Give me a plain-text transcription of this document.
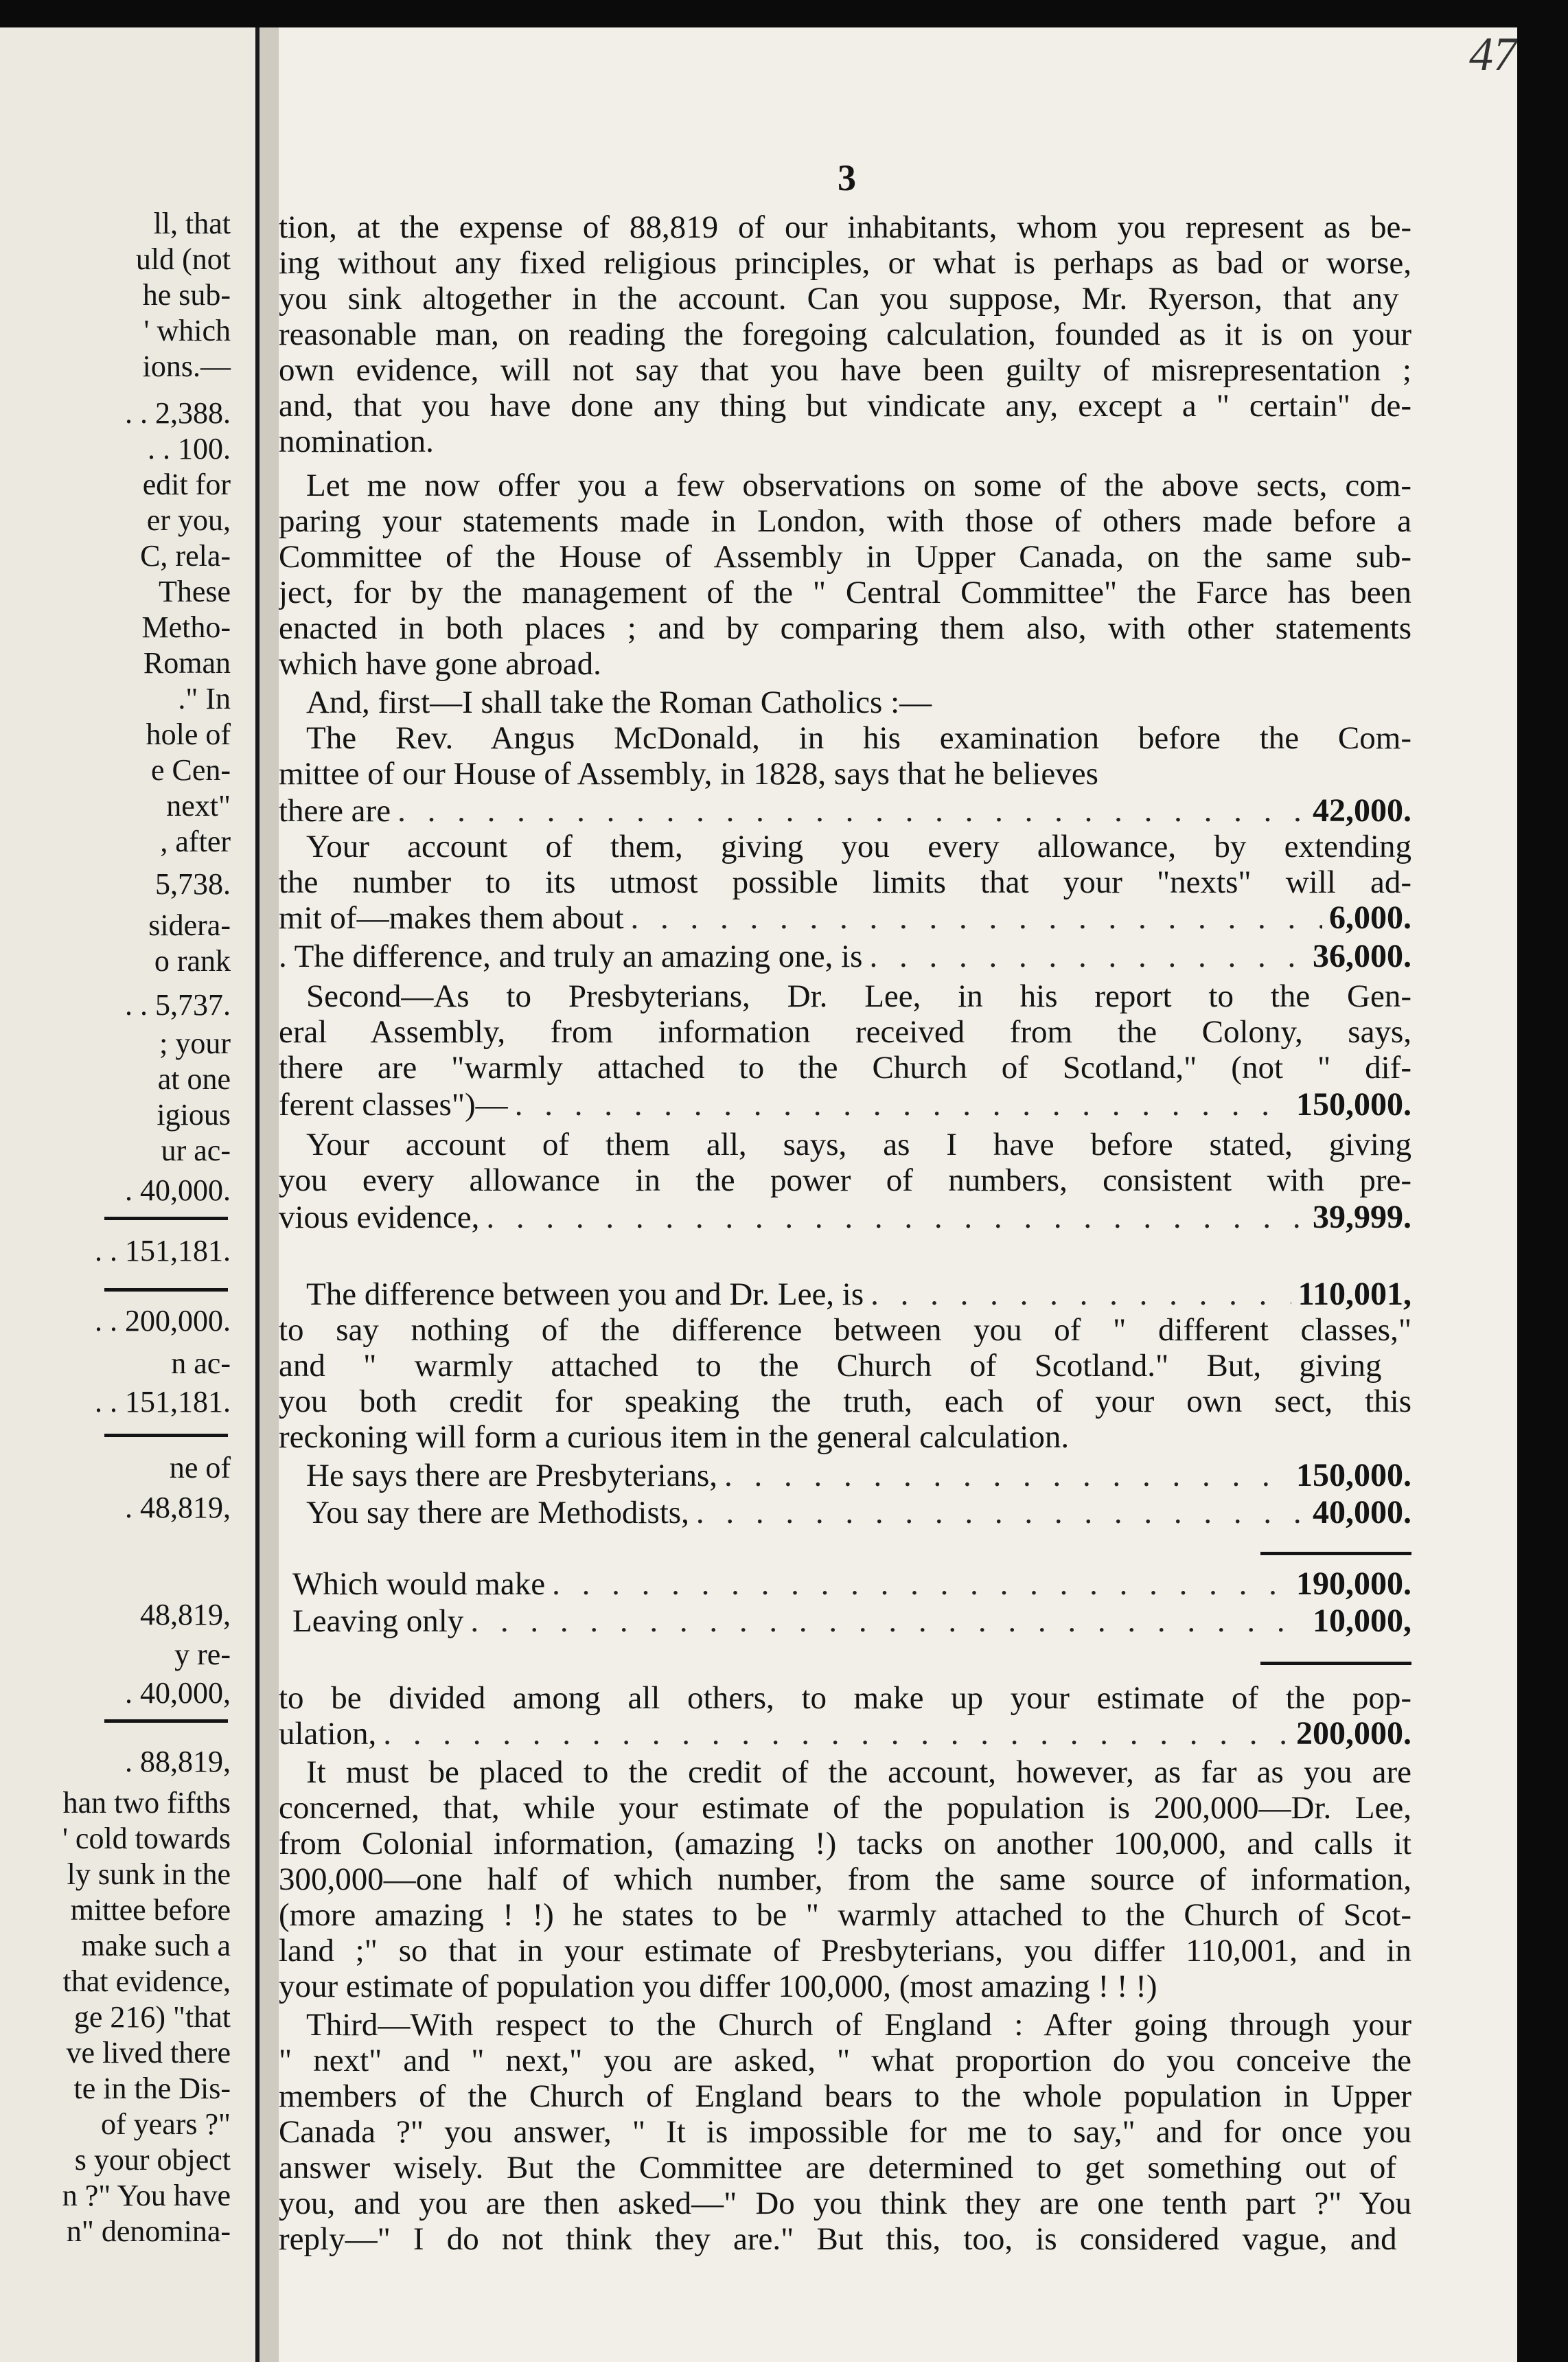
ll, that
uld (not
he sub-
' which
ions.—
. . 2,388.
. . 100.
edit for
er you,
C, rela-
These
Metho-
Roman
." In
hole of
e Cen-
next"
, after
5,738.
sidera-
o rank
. . 5,737.
; your
at one
igious
ur ac-
. 40,000.
. . 151,181.
. . 200,000.
n ac-
. . 151,181.
ne of
. 48,819,
48,819,
y re-
. 40,000,
. 88,819,
han two fifths
' cold towards
ly sunk in the
mittee before
make such a
that evidence,
ge 216) "that
ve lived there
te in the Dis-
of years ?"
s your object
n ?" You have
n" denomina-
47
3
tion, at the expense of 88,819 of our inhabitants, whom you represent as be-
ing without any fixed religious principles, or what is perhaps as bad or worse,
you sink altogether in the account. Can you suppose, Mr. Ryerson, that any
reasonable man, on reading the foregoing calculation, founded as it is on your
own evidence, will not say that you have been guilty of misrepresentation ;
and, that you have done any thing but vindicate any, except a " certain" de-
nomination.
Let me now offer you a few observations on some of the above sects, com-
paring your statements made in London, with those of others made before a
Committee of the House of Assembly in Upper Canada, on the same sub-
ject, for by the management of the " Central Committee" the Farce has been
enacted in both places ; and by comparing them also, with other statements
which have gone abroad.
And, first—I shall take the Roman Catholics :—
The Rev. Angus McDonald, in his examination before the Com-
mittee of our House of Assembly, in 1828, says that he believes
Your account of them, giving you every allowance, by extending
the number to its utmost possible limits that your "nexts" will ad-
Second—As to Presbyterians, Dr. Lee, in his report to the Gen-
eral Assembly, from information received from the Colony, says,
there are "warmly attached to the Church of Scotland," (not " dif-
Your account of them all, says, as I have before stated, giving
you every allowance in the power of numbers, consistent with pre-
to say nothing of the difference between you of " different classes,"
and " warmly attached to the Church of Scotland." But, giving
you both credit for speaking the truth, each of your own sect, this
reckoning will form a curious item in the general calculation.
to be divided among all others, to make up your estimate of the pop-
It must be placed to the credit of the account, however, as far as you are
concerned, that, while your estimate of the population is 200,000—Dr. Lee,
from Colonial information, (amazing !) tacks on another 100,000, and calls it
300,000—one half of which number, from the same source of information,
(more amazing ! !) he states to be " warmly attached to the Church of Scot-
land ;" so that in your estimate of Presbyterians, you differ 110,001, and in
your estimate of population you differ 100,000, (most amazing ! ! !)
Third—With respect to the Church of England : After going through your
" next" and " next," you are asked, " what proportion do you conceive the
members of the Church of England bears to the whole population in Upper
Canada ?" you answer, " It is impossible for me to say," and for once you
answer wisely. But the Committee are determined to get something out of
you, and you are then asked—" Do you think they are one tenth part ?" You
reply—" I do not think they are." But this, too, is considered vague, and
there are . . .	42,000.
mit of—makes them about . . .	6,000.
. The difference, and truly an amazing one, is . . .	36,000.
ferent classes")— . . .	150,000.
vious evidence, . . .	39,999.
The difference between you and Dr. Lee, is . . .	110,001,
He says there are Presbyterians, . . .	150,000.
You say there are Methodists, . . .	40,000.
Which would make . . .	190,000.
Leaving only . . .	10,000,
ulation, . . .	200,000.
